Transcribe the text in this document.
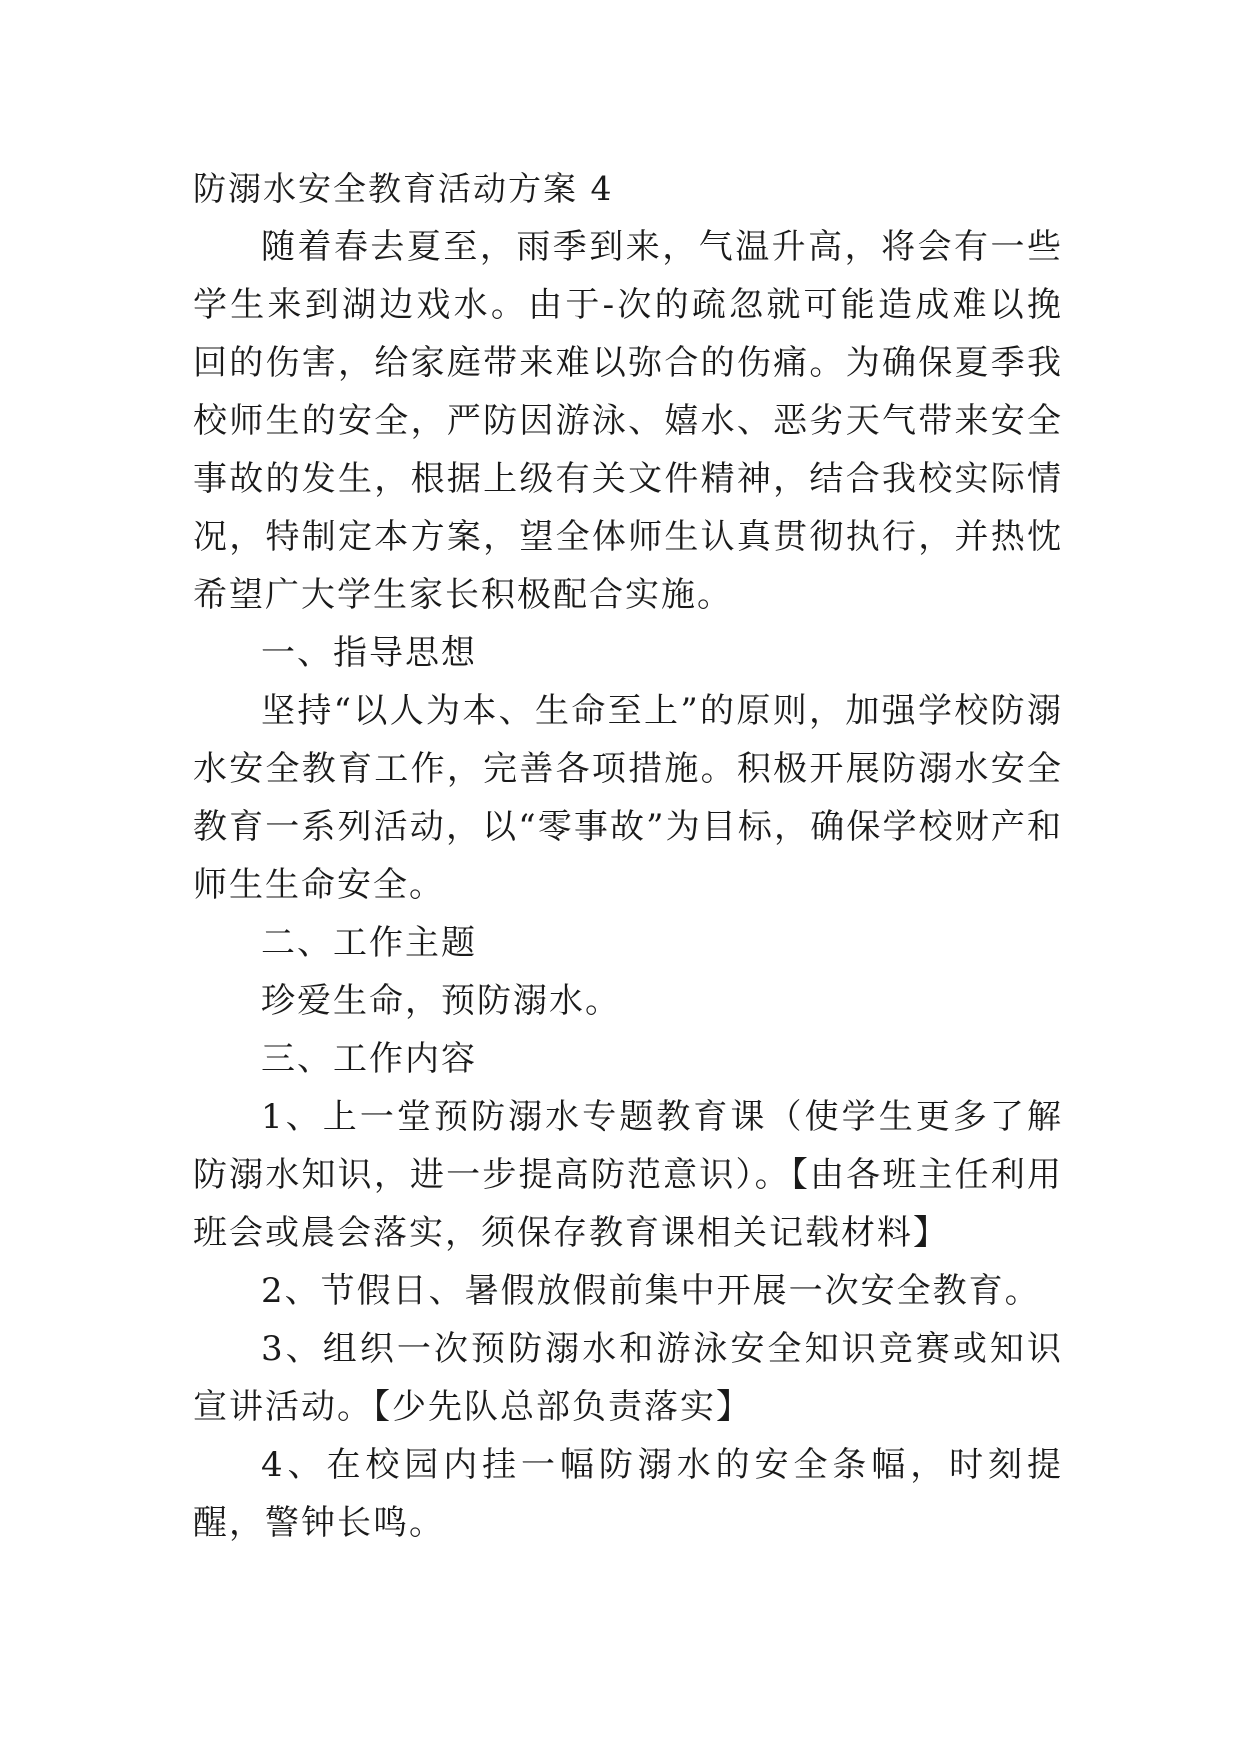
防溺水安全教育活动方案 4

随着春去夏至，雨季到来，气温升高，将会有一些学生来到湖边戏水。由于-次的疏忽就可能造成难以挽回的伤害，给家庭带来难以弥合的伤痛。为确保夏季我校师生的安全，严防因游泳、嬉水、恶劣天气带来安全事故的发生，根据上级有关文件精神，结合我校实际情况，特制定本方案，望全体师生认真贯彻执行，并热忱希望广大学生家长积极配合实施。

一、指导思想

坚持“以人为本、生命至上”的原则，加强学校防溺水安全教育工作，完善各项措施。积极开展防溺水安全教育一系列活动，以“零事故”为目标，确保学校财产和师生生命安全。

二、工作主题

珍爱生命，预防溺水。

三、工作内容

1、上一堂预防溺水专题教育课（使学生更多了解防溺水知识，进一步提高防范意识）。【由各班主任利用班会或晨会落实，须保存教育课相关记载材料】

2、节假日、暑假放假前集中开展一次安全教育。

3、组织一次预防溺水和游泳安全知识竞赛或知识宣讲活动。【少先队总部负责落实】

4、在校园内挂一幅防溺水的安全条幅，时刻提醒，警钟长鸣。
